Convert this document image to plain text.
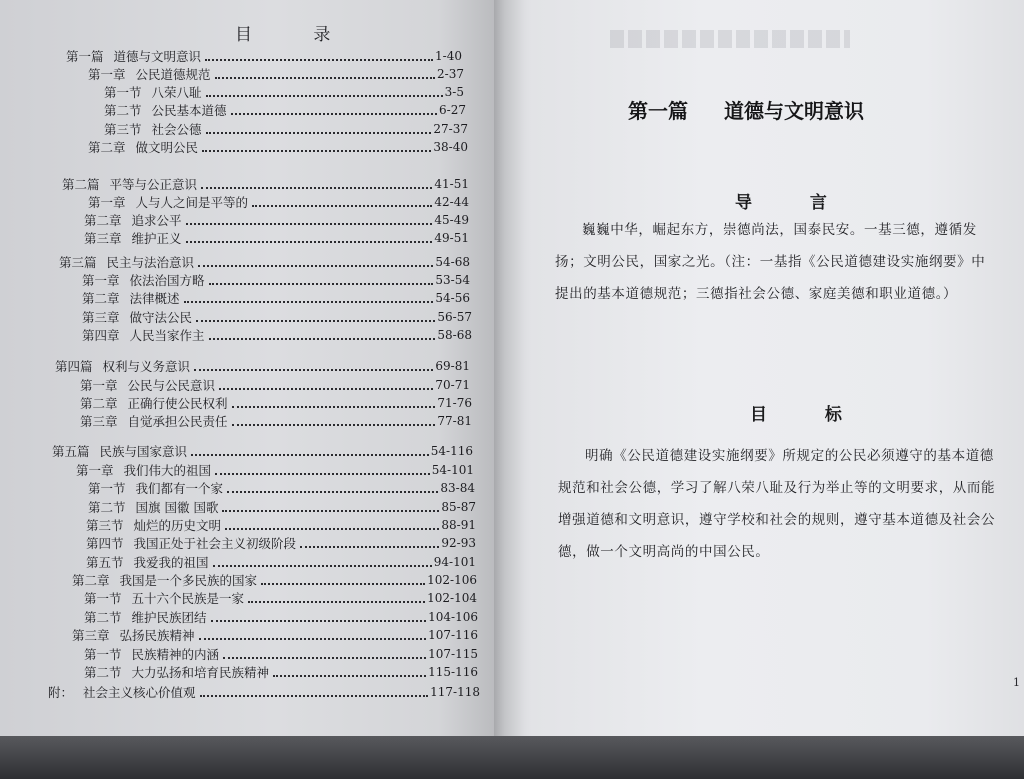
目 录
第一篇 道德与文明意识	1-40
第一章 公民道德规范	2-37
第一节 八荣八耻	3-5
第二节 公民基本道德	6-27
第三节 社会公德	27-37
第二章 做文明公民	38-40
第二篇 平等与公正意识	41-51
第一章 人与人之间是平等的	42-44
第二章 追求公平	45-49
第三章 维护正义	49-51
第三篇 民主与法治意识	54-68
第一章 依法治国方略	53-54
第二章 法律概述	54-56
第三章 做守法公民	56-57
第四章 人民当家作主	58-68
第四篇 权利与义务意识	69-81
第一章 公民与公民意识	70-71
第二章 正确行使公民权利	71-76
第三章 自觉承担公民责任	77-81
第五篇 民族与国家意识	54-116
第一章 我们伟大的祖国	54-101
第一节 我们都有一个家	83-84
第二节 国旗 国徽 国歌	85-87
第三节 灿烂的历史文明	88-91
第四节 我国正处于社会主义初级阶段	92-93
第五节 我爱我的祖国	94-101
第二章 我国是一个多民族的国家	102-106
第一节 五十六个民族是一家	102-104
第二节 维护民族团结	104-106
第三章 弘扬民族精神	107-116
第一节 民族精神的内涵	107-115
第二节 大力弘扬和培育民族精神	115-116
附： 社会主义核心价值观	117-118
第一篇 道德与文明意识
导 言

巍巍中华，崛起东方，崇德尚法，国泰民安。一基三德，遵循发扬；文明公民，国家之光。（注：一基指《公民道德建设实施纲要》中提出的基本道德规范；三德指社会公德、家庭美德和职业道德。）

目 标

明确《公民道德建设实施纲要》所规定的公民必须遵守的基本道德规范和社会公德，学习了解八荣八耻及行为举止等的文明要求，从而能增强道德和文明意识，遵守学校和社会的规则，遵守基本道德及社会公德，做一个文明高尚的中国公民。

1
